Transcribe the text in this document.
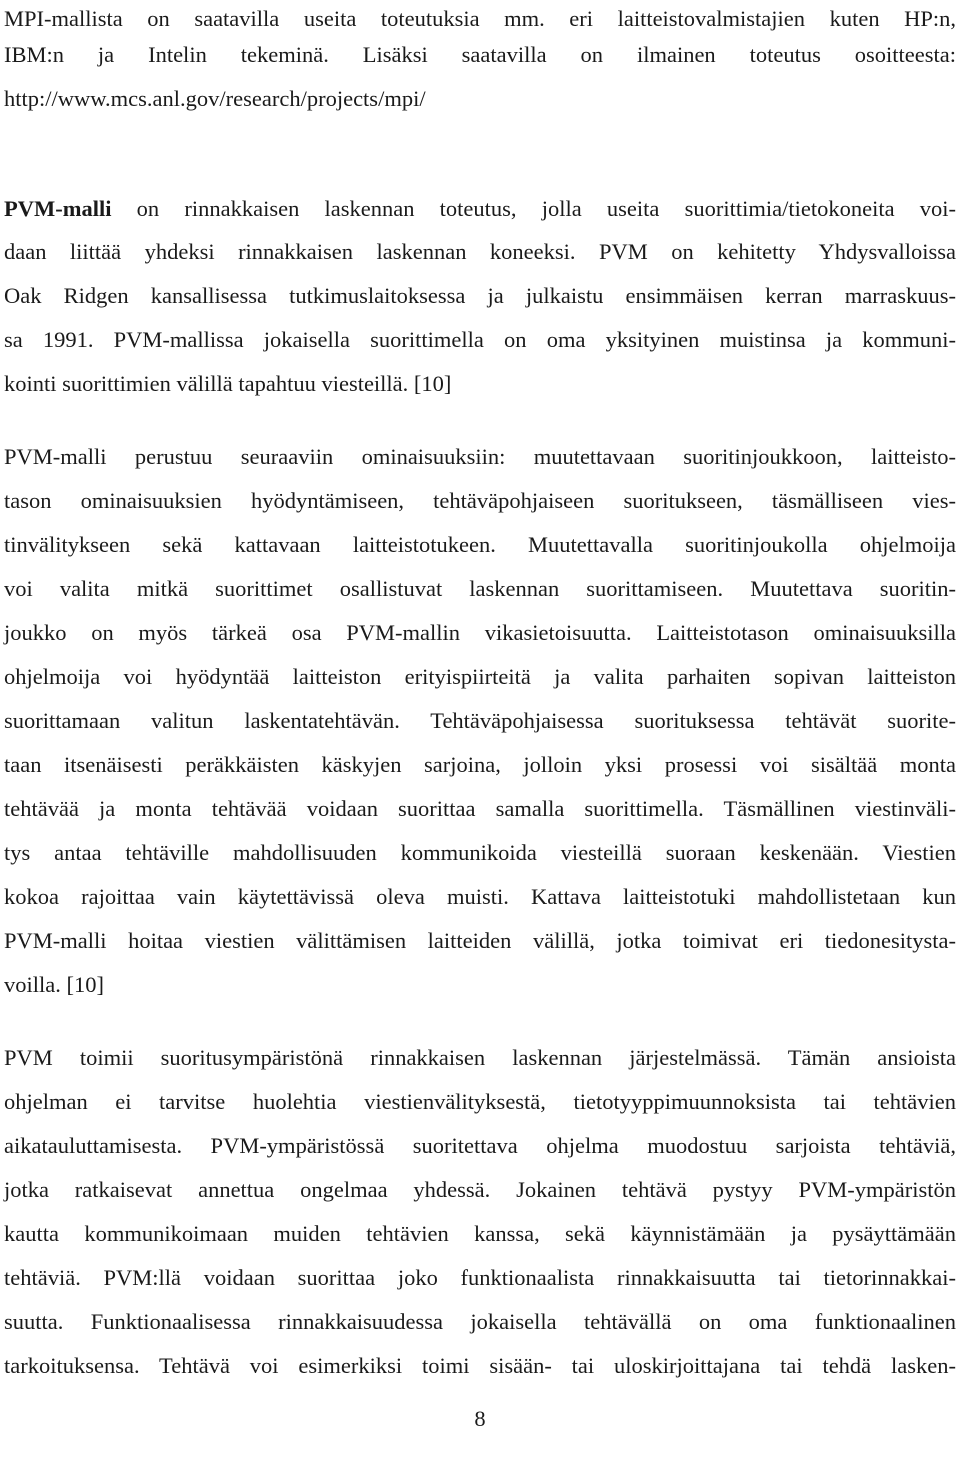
MPI-mallista on saatavilla useita toteutuksia mm. eri laitteistovalmistajien kuten HP:n,
IBM:n ja Intelin tekeminä. Lisäksi saatavilla on ilmainen toteutus osoitteesta:
http://www.mcs.anl.gov/research/projects/mpi/
PVM-malli on rinnakkaisen laskennan toteutus, jolla useita suorittimia/tietokoneita voi-
daan liittää yhdeksi rinnakkaisen laskennan koneeksi. PVM on kehitetty Yhdysvalloissa
Oak Ridgen kansallisessa tutkimuslaitoksessa ja julkaistu ensimmäisen kerran marraskuus-
sa 1991. PVM-mallissa jokaisella suorittimella on oma yksityinen muistinsa ja kommuni-
kointi suorittimien välillä tapahtuu viesteillä. [10]
PVM-malli perustuu seuraaviin ominaisuuksiin: muutettavaan suoritinjoukkoon, laitteisto-
tason ominaisuuksien hyödyntämiseen, tehtäväpohjaiseen suoritukseen, täsmälliseen vies-
tinvälitykseen sekä kattavaan laitteistotukeen. Muutettavalla suoritinjoukolla ohjelmoija
voi valita mitkä suorittimet osallistuvat laskennan suorittamiseen. Muutettava suoritin-
joukko on myös tärkeä osa PVM-mallin vikasietoisuutta. Laitteistotason ominaisuuksilla
ohjelmoija voi hyödyntää laitteiston erityispiirteitä ja valita parhaiten sopivan laitteiston
suorittamaan valitun laskentatehtävän. Tehtäväpohjaisessa suorituksessa tehtävät suorite-
taan itsenäisesti peräkkäisten käskyjen sarjoina, jolloin yksi prosessi voi sisältää monta
tehtävää ja monta tehtävää voidaan suorittaa samalla suorittimella. Täsmällinen viestinväli-
tys antaa tehtäville mahdollisuuden kommunikoida viesteillä suoraan keskenään. Viestien
kokoa rajoittaa vain käytettävissä oleva muisti. Kattava laitteistotuki mahdollistetaan kun
PVM-malli hoitaa viestien välittämisen laitteiden välillä, jotka toimivat eri tiedonesitysta-
voilla. [10]
PVM toimii suoritusympäristönä rinnakkaisen laskennan järjestelmässä. Tämän ansioista
ohjelman ei tarvitse huolehtia viestienvälityksestä, tietotyyppimuunnoksista tai tehtävien
aikatauluttamisesta. PVM-ympäristössä suoritettava ohjelma muodostuu sarjoista tehtäviä,
jotka ratkaisevat annettua ongelmaa yhdessä. Jokainen tehtävä pystyy PVM-ympäristön
kautta kommunikoimaan muiden tehtävien kanssa, sekä käynnistämään ja pysäyttämään
tehtäviä. PVM:llä voidaan suorittaa joko funktionaalista rinnakkaisuutta tai tietorinnakkai-
suutta. Funktionaalisessa rinnakkaisuudessa jokaisella tehtävällä on oma funktionaalinen
tarkoituksensa. Tehtävä voi esimerkiksi toimi sisään- tai uloskirjoittajana tai tehdä lasken-
8
